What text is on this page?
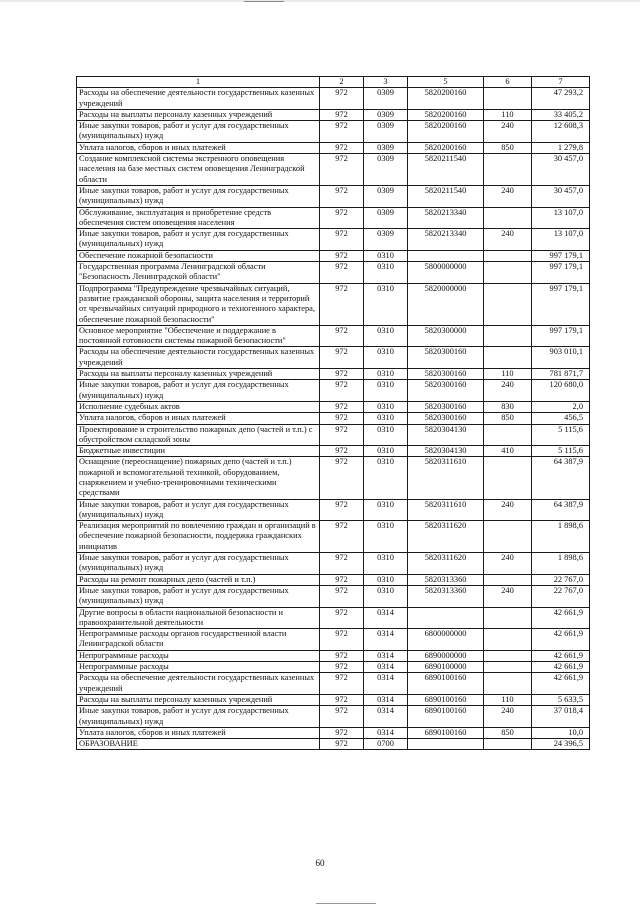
1	2	3	5	6	7
Расходы на обеспечение деятельности государственных казенных учреждений	972	0309	5820200160		47 293,2
Расходы на выплаты персоналу казенных учреждений	972	0309	5820200160	110	33 405,2
Иные закупки товаров, работ и услуг для государственных (муниципальных) нужд	972	0309	5820200160	240	12 608,3
Уплата налогов, сборов и иных платежей	972	0309	5820200160	850	1 279,8
Создание комплексной системы экстренного оповещения населения на базе местных систем оповещения Ленинградской области	972	0309	5820211540		30 457,0
Иные закупки товаров, работ и услуг для государственных (муниципальных) нужд	972	0309	5820211540	240	30 457,0
Обслуживание, эксплуатация и приобретение средств обеспечения систем оповещения населения	972	0309	5820213340		13 107,0
Иные закупки товаров, работ и услуг для государственных (муниципальных) нужд	972	0309	5820213340	240	13 107,0
Обеспечение пожарной безопасности	972	0310			997 179,1
Государственная программа Ленинградской области "Безопасность Ленинградской области"	972	0310	5800000000		997 179,1
Подпрограмма "Предупреждение чрезвычайных ситуаций, развитие гражданской обороны, защита населения и территорий от чрезвычайных ситуаций природного и техногенного характера, обеспечение пожарной безопасности"	972	0310	5820000000		997 179,1
Основное мероприятие "Обеспечение и поддержание в постоянной готовности системы пожарной безопасности"	972	0310	5820300000		997 179,1
Расходы на обеспечение деятельности государственных казенных учреждений	972	0310	5820300160		903 010,1
Расходы на выплаты персоналу казенных учреждений	972	0310	5820300160	110	781 871,7
Иные закупки товаров, работ и услуг для государственных (муниципальных) нужд	972	0310	5820300160	240	120 680,0
Исполнение судебных актов	972	0310	5820300160	830	2,0
Уплата налогов, сборов и иных платежей	972	0310	5820300160	850	456,5
Проектирование и строительство пожарных депо (частей и т.п.) с обустройством складской зоны	972	0310	5820304130		5 115,6
Бюджетные инвестиции	972	0310	5820304130	410	5 115,6
Оснащение (переоснащение) пожарных депо (частей и т.п.) пожарной и вспомогательной техникой, оборудованием, снаряжением и учебно-тренировочными техническими средствами	972	0310	5820311610		64 387,9
Иные закупки товаров, работ и услуг для государственных (муниципальных) нужд	972	0310	5820311610	240	64 387,9
Реализация мероприятий по вовлечению граждан и организаций в обеспечение пожарной безопасности, поддержка гражданских инициатив	972	0310	5820311620		1 898,6
Иные закупки товаров, работ и услуг для государственных (муниципальных) нужд	972	0310	5820311620	240	1 898,6
Расходы на ремонт пожарных депо (частей и т.п.)	972	0310	5820313360		22 767,0
Иные закупки товаров, работ и услуг для государственных (муниципальных) нужд	972	0310	5820313360	240	22 767,0
Другие вопросы в области национальной безопасности и правоохранительной деятельности	972	0314			42 661,9
Непрограммные расходы органов государственной власти Ленинградской области	972	0314	6800000000		42 661,9
Непрограммные расходы	972	0314	6890000000		42 661,9
Непрограммные расходы	972	0314	6890100000		42 661,9
Расходы на обеспечение деятельности государственных казенных учреждений	972	0314	6890100160		42 661,9
Расходы на выплаты персоналу казенных учреждений	972	0314	6890100160	110	5 633,5
Иные закупки товаров, работ и услуг для государственных (муниципальных) нужд	972	0314	6890100160	240	37 018,4
Уплата налогов, сборов и иных платежей	972	0314	6890100160	850	10,0
ОБРАЗОВАНИЕ	972	0700			24 396,5
60
